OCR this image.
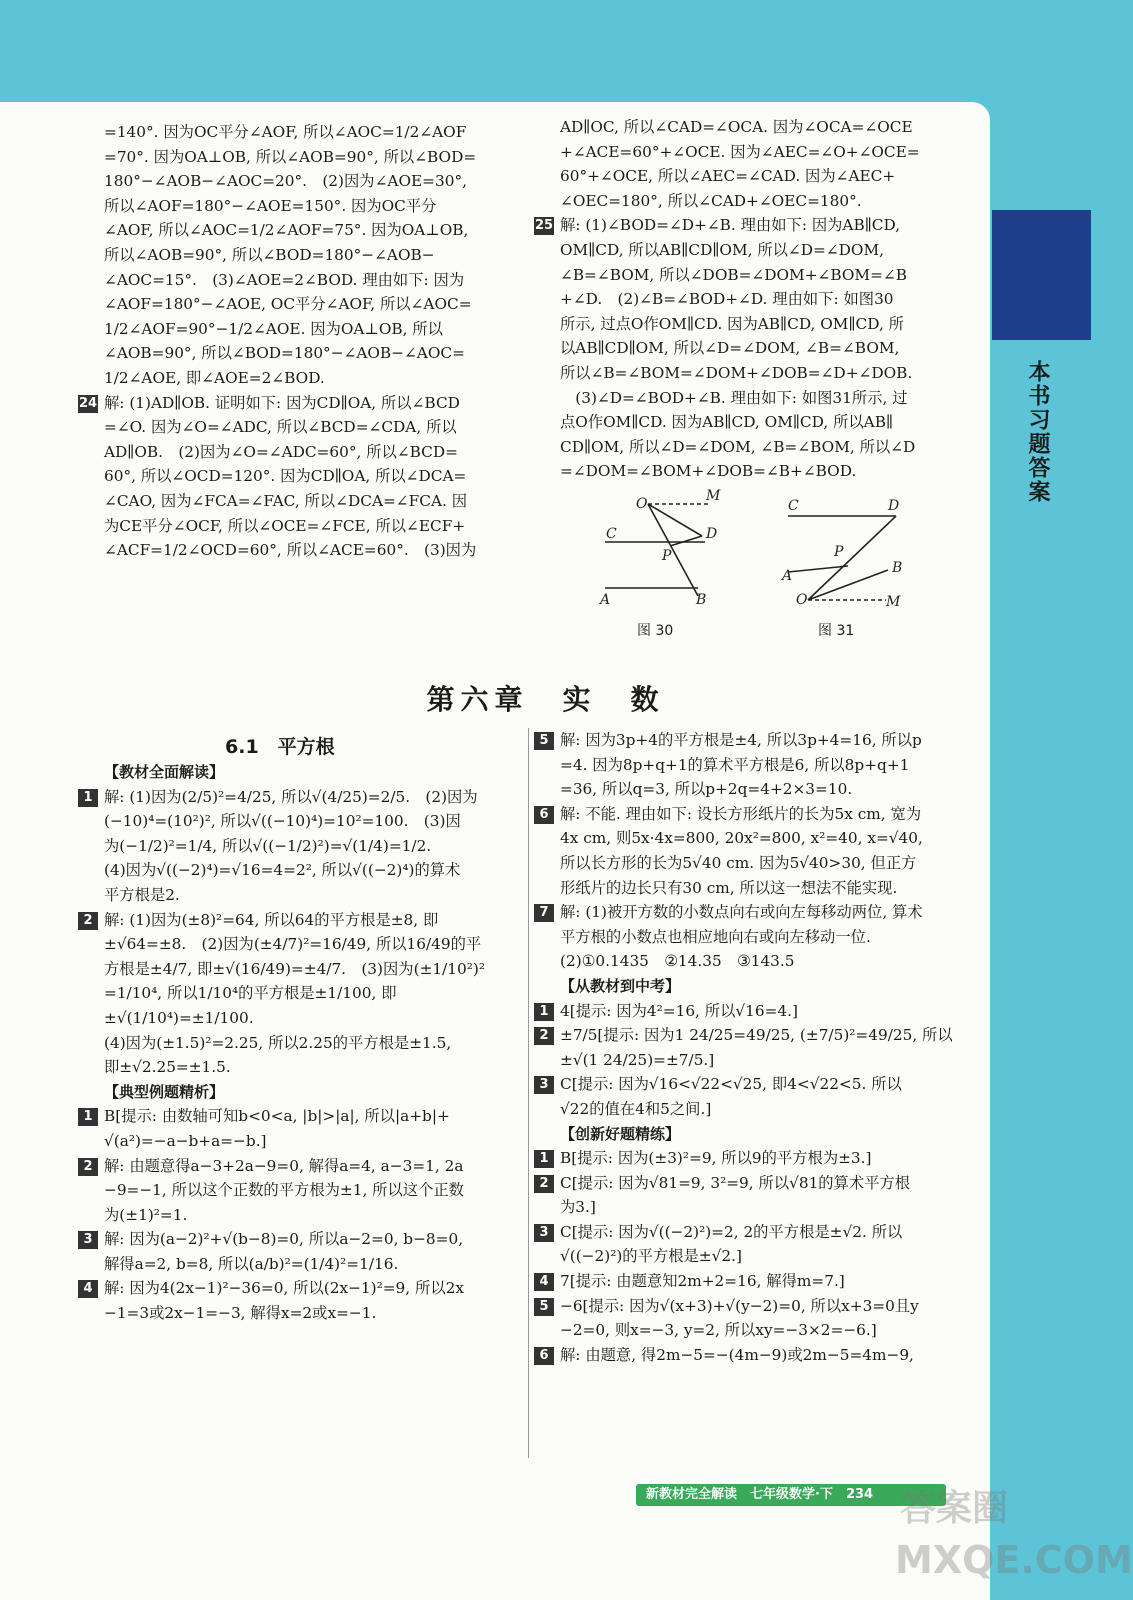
本书习题答案

=140°. 因为OC平分∠AOF, 所以∠AOC=1/2∠AOF

=70°. 因为OA⊥OB, 所以∠AOB=90°, 所以∠BOD=

180°−∠AOB−∠AOC=20°.　(2)因为∠AOE=30°,

所以∠AOF=180°−∠AOE=150°. 因为OC平分

∠AOF, 所以∠AOC=1/2∠AOF=75°. 因为OA⊥OB,

所以∠AOB=90°, 所以∠BOD=180°−∠AOB−

∠AOC=15°.　(3)∠AOE=2∠BOD. 理由如下: 因为

∠AOF=180°−∠AOE, OC平分∠AOF, 所以∠AOC=

1/2∠AOF=90°−1/2∠AOE. 因为OA⊥OB, 所以

∠AOB=90°, 所以∠BOD=180°−∠AOB−∠AOC=

1/2∠AOE, 即∠AOE=2∠BOD.

24 解: (1)AD∥OB. 证明如下: 因为CD∥OA, 所以∠BCD

=∠O. 因为∠O=∠ADC, 所以∠BCD=∠CDA, 所以

AD∥OB.　(2)因为∠O=∠ADC=60°, 所以∠BCD=

60°, 所以∠OCD=120°. 因为CD∥OA, 所以∠DCA=

∠CAO, 因为∠FCA=∠FAC, 所以∠DCA=∠FCA. 因

为CE平分∠OCF, 所以∠OCE=∠FCE, 所以∠ECF+

∠ACF=1/2∠OCD=60°, 所以∠ACE=60°.　(3)因为

AD∥OC, 所以∠CAD=∠OCA. 因为∠OCA=∠OCE

+∠ACE=60°+∠OCE. 因为∠AEC=∠O+∠OCE=

60°+∠OCE, 所以∠AEC=∠CAD. 因为∠AEC+

∠OEC=180°, 所以∠CAD+∠OEC=180°.

25 解: (1)∠BOD=∠D+∠B. 理由如下: 因为AB∥CD,

OM∥CD, 所以AB∥CD∥OM, 所以∠D=∠DOM,

∠B=∠BOM, 所以∠DOB=∠DOM+∠BOM=∠B

+∠D.　(2)∠B=∠BOD+∠D. 理由如下: 如图30

所示, 过点O作OM∥CD. 因为AB∥CD, OM∥CD, 所

以AB∥CD∥OM, 所以∠D=∠DOM, ∠B=∠BOM,

所以∠B=∠BOM=∠DOM+∠DOB=∠D+∠DOB.

　(3)∠D=∠BOD+∠B. 理由如下: 如图31所示, 过

点O作OM∥CD. 因为AB∥CD, OM∥CD, 所以AB∥

CD∥OM, 所以∠D=∠DOM, ∠B=∠BOM, 所以∠D

=∠DOM=∠BOM+∠DOB=∠B+∠BOD.

O	M
C	D
P
A	B
图 30
C	D
P
A	B
O	M
图 31
第六章　实　数
6.1　平方根

【教材全面解读】

1 解: (1)因为(2/5)²=4/25, 所以√(4/25)=2/5.　(2)因为

(−10)⁴=(10²)², 所以√((−10)⁴)=10²=100.　(3)因

为(−1/2)²=1/4, 所以√((−1/2)²)=√(1/4)=1/2.

(4)因为√((−2)⁴)=√16=4=2², 所以√((−2)⁴)的算术

平方根是2.

2 解: (1)因为(±8)²=64, 所以64的平方根是±8, 即

±√64=±8.　(2)因为(±4/7)²=16/49, 所以16/49的平

方根是±4/7, 即±√(16/49)=±4/7.　(3)因为(±1/10²)²

=1/10⁴, 所以1/10⁴的平方根是±1/100, 即±√(1/10⁴)=±1/100.

(4)因为(±1.5)²=2.25, 所以2.25的平方根是±1.5,

即±√2.25=±1.5.

【典型例题精析】

1 B[提示: 由数轴可知b<0<a, |b|>|a|, 所以|a+b|+

√(a²)=−a−b+a=−b.]

2 解: 由题意得a−3+2a−9=0, 解得a=4, a−3=1, 2a

−9=−1, 所以这个正数的平方根为±1, 所以这个正数

为(±1)²=1.

3 解: 因为(a−2)²+√(b−8)=0, 所以a−2=0, b−8=0,

解得a=2, b=8, 所以(a/b)²=(1/4)²=1/16.

4 解: 因为4(2x−1)²−36=0, 所以(2x−1)²=9, 所以2x

−1=3或2x−1=−3, 解得x=2或x=−1.

5 解: 因为3p+4的平方根是±4, 所以3p+4=16, 所以p

=4. 因为8p+q+1的算术平方根是6, 所以8p+q+1

=36, 所以q=3, 所以p+2q=4+2×3=10.

6 解: 不能. 理由如下: 设长方形纸片的长为5x cm, 宽为

4x cm, 则5x·4x=800, 20x²=800, x²=40, x=√40,

所以长方形的长为5√40 cm. 因为5√40>30, 但正方

形纸片的边长只有30 cm, 所以这一想法不能实现.

7 解: (1)被开方数的小数点向右或向左每移动两位, 算术

平方根的小数点也相应地向右或向左移动一位.

(2)①0.1435　②14.35　③143.5

【从教材到中考】

1 4[提示: 因为4²=16, 所以√16=4.]

2 ±7/5[提示: 因为1 24/25=49/25, (±7/5)²=49/25, 所以

±√(1 24/25)=±7/5.]

3 C[提示: 因为√16<√22<√25, 即4<√22<5. 所以

√22的值在4和5之间.]

【创新好题精练】

1 B[提示: 因为(±3)²=9, 所以9的平方根为±3.]

2 C[提示: 因为√81=9, 3²=9, 所以√81的算术平方根

为3.]

3 C[提示: 因为√((−2)²)=2, 2的平方根是±√2. 所以

√((−2)²)的平方根是±√2.]

4 7[提示: 由题意知2m+2=16, 解得m=7.]

5 −6[提示: 因为√(x+3)+√(y−2)=0, 所以x+3=0且y

−2=0, 则x=−3, y=2, 所以xy=−3×2=−6.]

6 解: 由题意, 得2m−5=−(4m−9)或2m−5=4m−9,

新教材完全解读　七年级数学·下　234 答案圈
MXQE.COM
